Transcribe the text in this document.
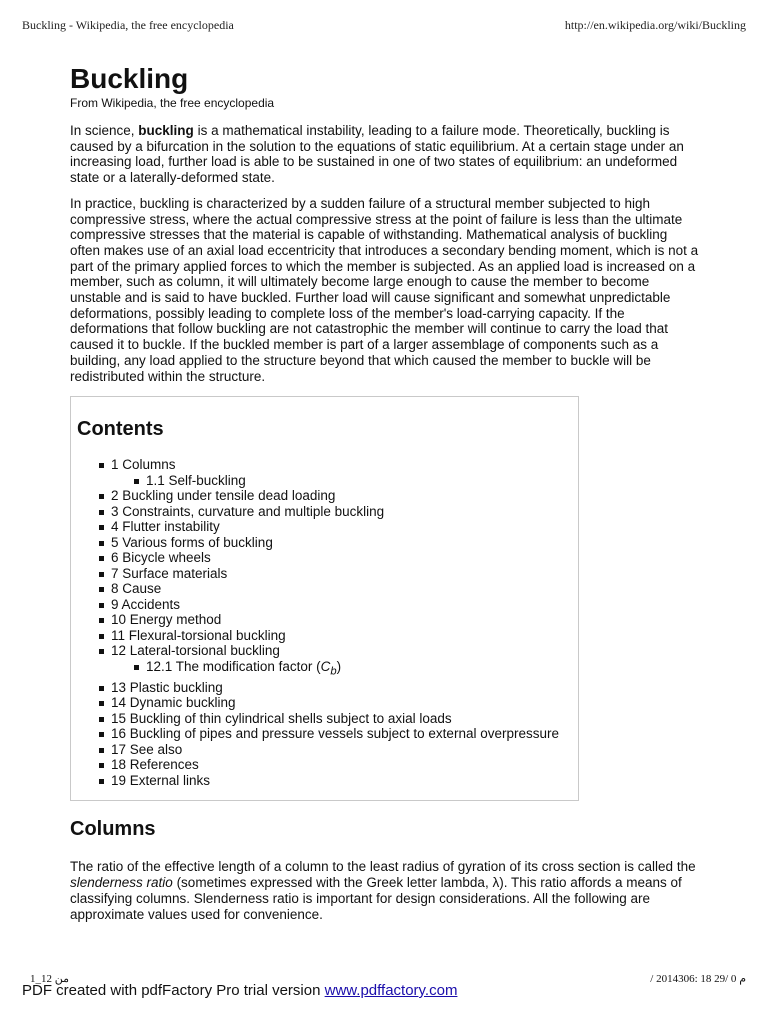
Buckling - Wikipedia, the free encyclopedia	http://en.wikipedia.org/wiki/Buckling
Buckling

From Wikipedia, the free encyclopedia

In science, buckling is a mathematical instability, leading to a failure mode. Theoretically, buckling is caused by a bifurcation in the solution to the equations of static equilibrium. At a certain stage under an increasing load, further load is able to be sustained in one of two states of equilibrium: an undeformed state or a laterally-deformed state.

In practice, buckling is characterized by a sudden failure of a structural member subjected to high compressive stress, where the actual compressive stress at the point of failure is less than the ultimate compressive stresses that the material is capable of withstanding. Mathematical analysis of buckling often makes use of an axial load eccentricity that introduces a secondary bending moment, which is not a part of the primary applied forces to which the member is subjected. As an applied load is increased on a member, such as column, it will ultimately become large enough to cause the member to become unstable and is said to have buckled. Further load will cause significant and somewhat unpredictable deformations, possibly leading to complete loss of the member's load-carrying capacity. If the deformations that follow buckling are not catastrophic the member will continue to carry the load that caused it to buckle. If the buckled member is part of a larger assemblage of components such as a building, any load applied to the structure beyond that which caused the member to buckle will be redistributed within the structure.

Contents
1 Columns
1.1 Self-buckling
2 Buckling under tensile dead loading
3 Constraints, curvature and multiple buckling
4 Flutter instability
5 Various forms of buckling
6 Bicycle wheels
7 Surface materials
8 Cause
9 Accidents
10 Energy method
11 Flexural-torsional buckling
12 Lateral-torsional buckling
12.1 The modification factor $(C_b)$
13 Plastic buckling
14 Dynamic buckling
15 Buckling of thin cylindrical shells subject to axial loads
16 Buckling of pipes and pressure vessels subject to external overpressure
17 See also
18 References
19 External links
Columns

The ratio of the effective length of a column to the least radius of gyration of its cross section is called the slenderness ratio (sometimes expressed with the Greek letter lambda, λ). This ratio affords a means of classifying columns. Slenderness ratio is important for design considerations. All the following are approximate values used for convenience.

1_12 من	/ 2014306: 18 29/ 0 م
PDF created with pdfFactory Pro trial version www.pdffactory.com
